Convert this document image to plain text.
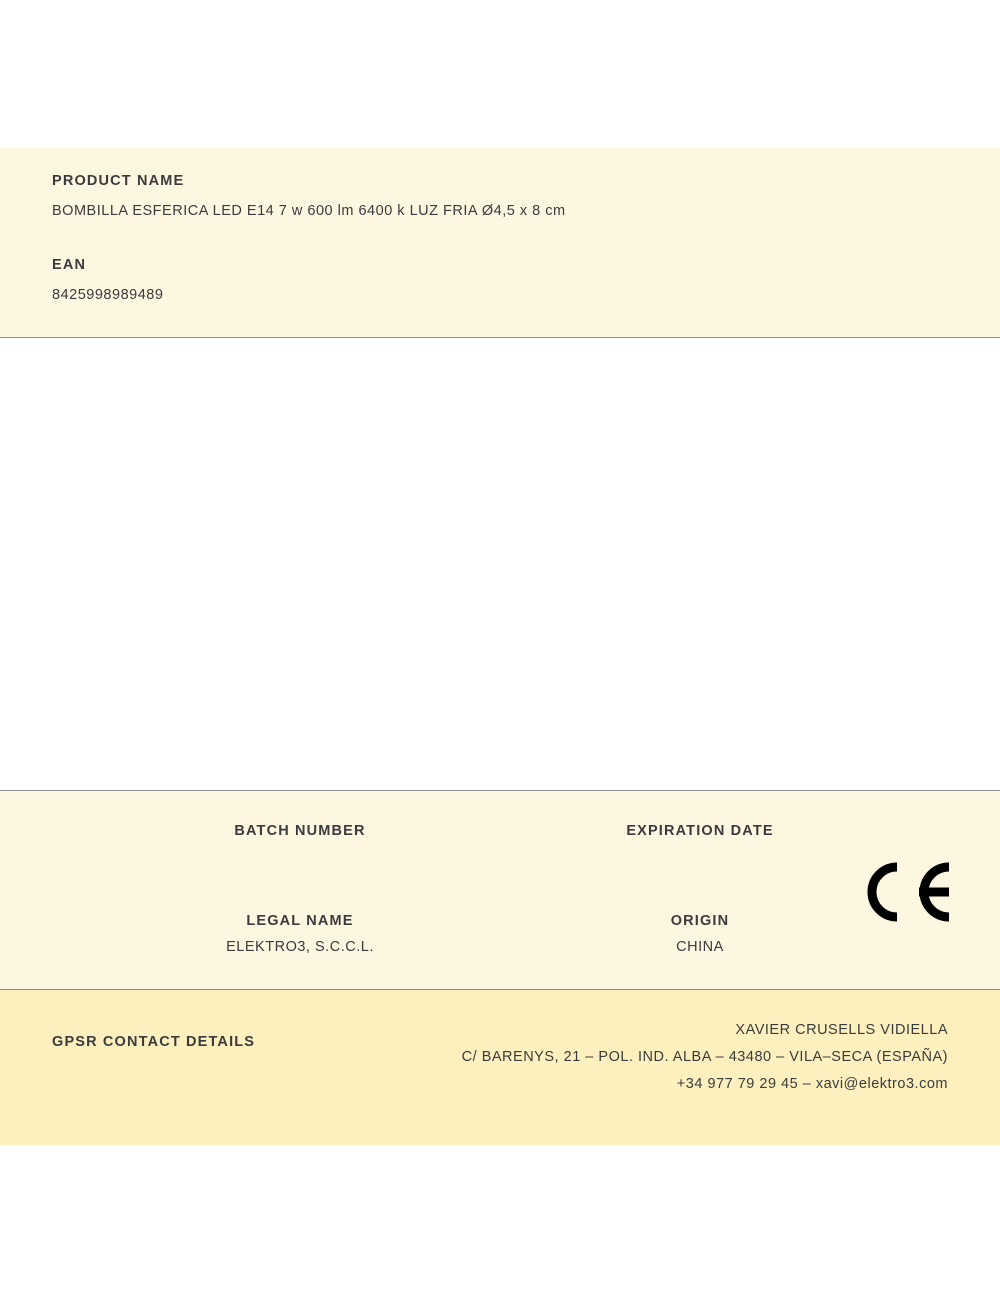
PRODUCT NAME

BOMBILLA ESFERICA LED E14 7 w 600 lm 6400 k LUZ FRIA Ø4,5 x 8 cm

EAN

8425998989489

BATCH NUMBER	EXPIRATION DATE

LEGAL NAME

ELEKTRO3, S.C.C.L.

ORIGIN

CHINA

GPSR CONTACT DETAILS

XAVIER CRUSELLS VIDIELLA

C/ BARENYS, 21 – POL. IND. ALBA – 43480 – VILA–SECA (ESPAÑA)

+34 977 79 29 45 – xavi@elektro3.com
